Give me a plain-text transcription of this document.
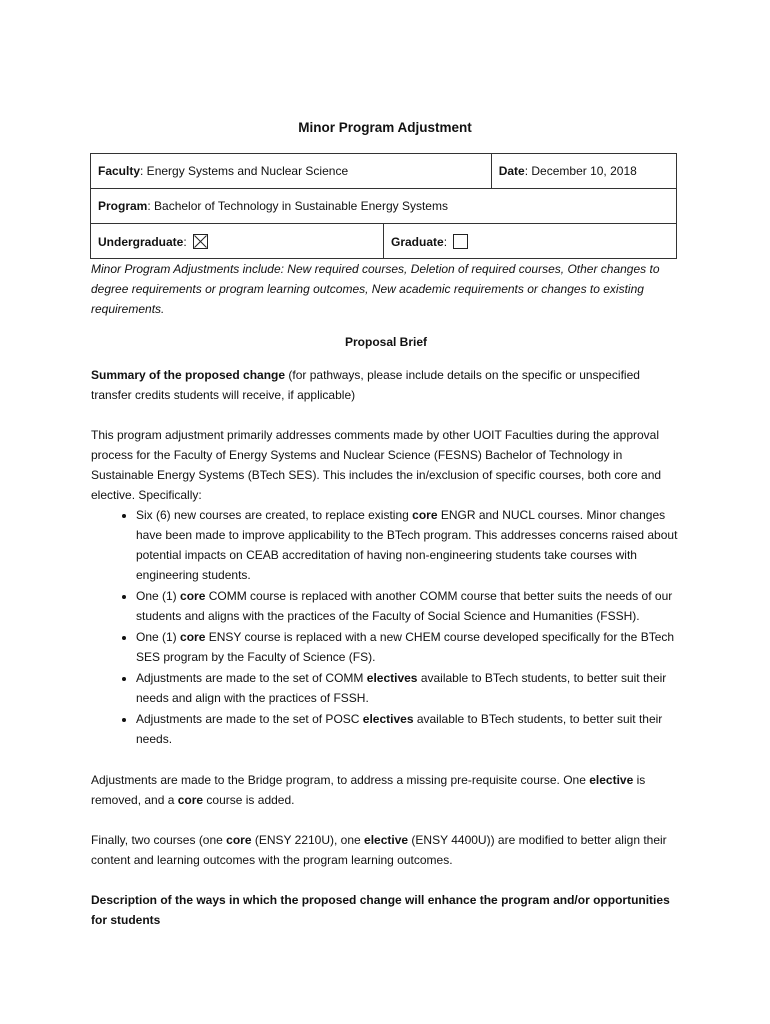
Minor Program Adjustment
Faculty: Energy Systems and Nuclear Science		Date: December 10, 2018
Program: Bachelor of Technology in Sustainable Energy Systems		
Undergraduate:	Graduate:	

Minor Program Adjustments include: New required courses, Deletion of required courses, Other changes to degree requirements or program learning outcomes, New academic requirements or changes to existing requirements.

Proposal Brief

Summary of the proposed change (for pathways, please include details on the specific or unspecified transfer credits students will receive, if applicable)

This program adjustment primarily addresses comments made by other UOIT Faculties during the approval process for the Faculty of Energy Systems and Nuclear Science (FESNS) Bachelor of Technology in Sustainable Energy Systems (BTech SES). This includes the in/exclusion of specific courses, both core and elective. Specifically:

• Six (6) new courses are created, to replace existing core ENGR and NUCL courses. Minor changes have been made to improve applicability to the BTech program. This addresses concerns raised about potential impacts on CEAB accreditation of having non-engineering students take courses with engineering students.
• One (1) core COMM course is replaced with another COMM course that better suits the needs of our students and aligns with the practices of the Faculty of Social Science and Humanities (FSSH).
• One (1) core ENSY course is replaced with a new CHEM course developed specifically for the BTech SES program by the Faculty of Science (FS).
• Adjustments are made to the set of COMM electives available to BTech students, to better suit their needs and align with the practices of FSSH.
• Adjustments are made to the set of POSC electives available to BTech students, to better suit their needs.

Adjustments are made to the Bridge program, to address a missing pre-requisite course. One elective is removed, and a core course is added.

Finally, two courses (one core (ENSY 2210U), one elective (ENSY 4400U)) are modified to better align their content and learning outcomes with the program learning outcomes.

Description of the ways in which the proposed change will enhance the program and/or opportunities for students
